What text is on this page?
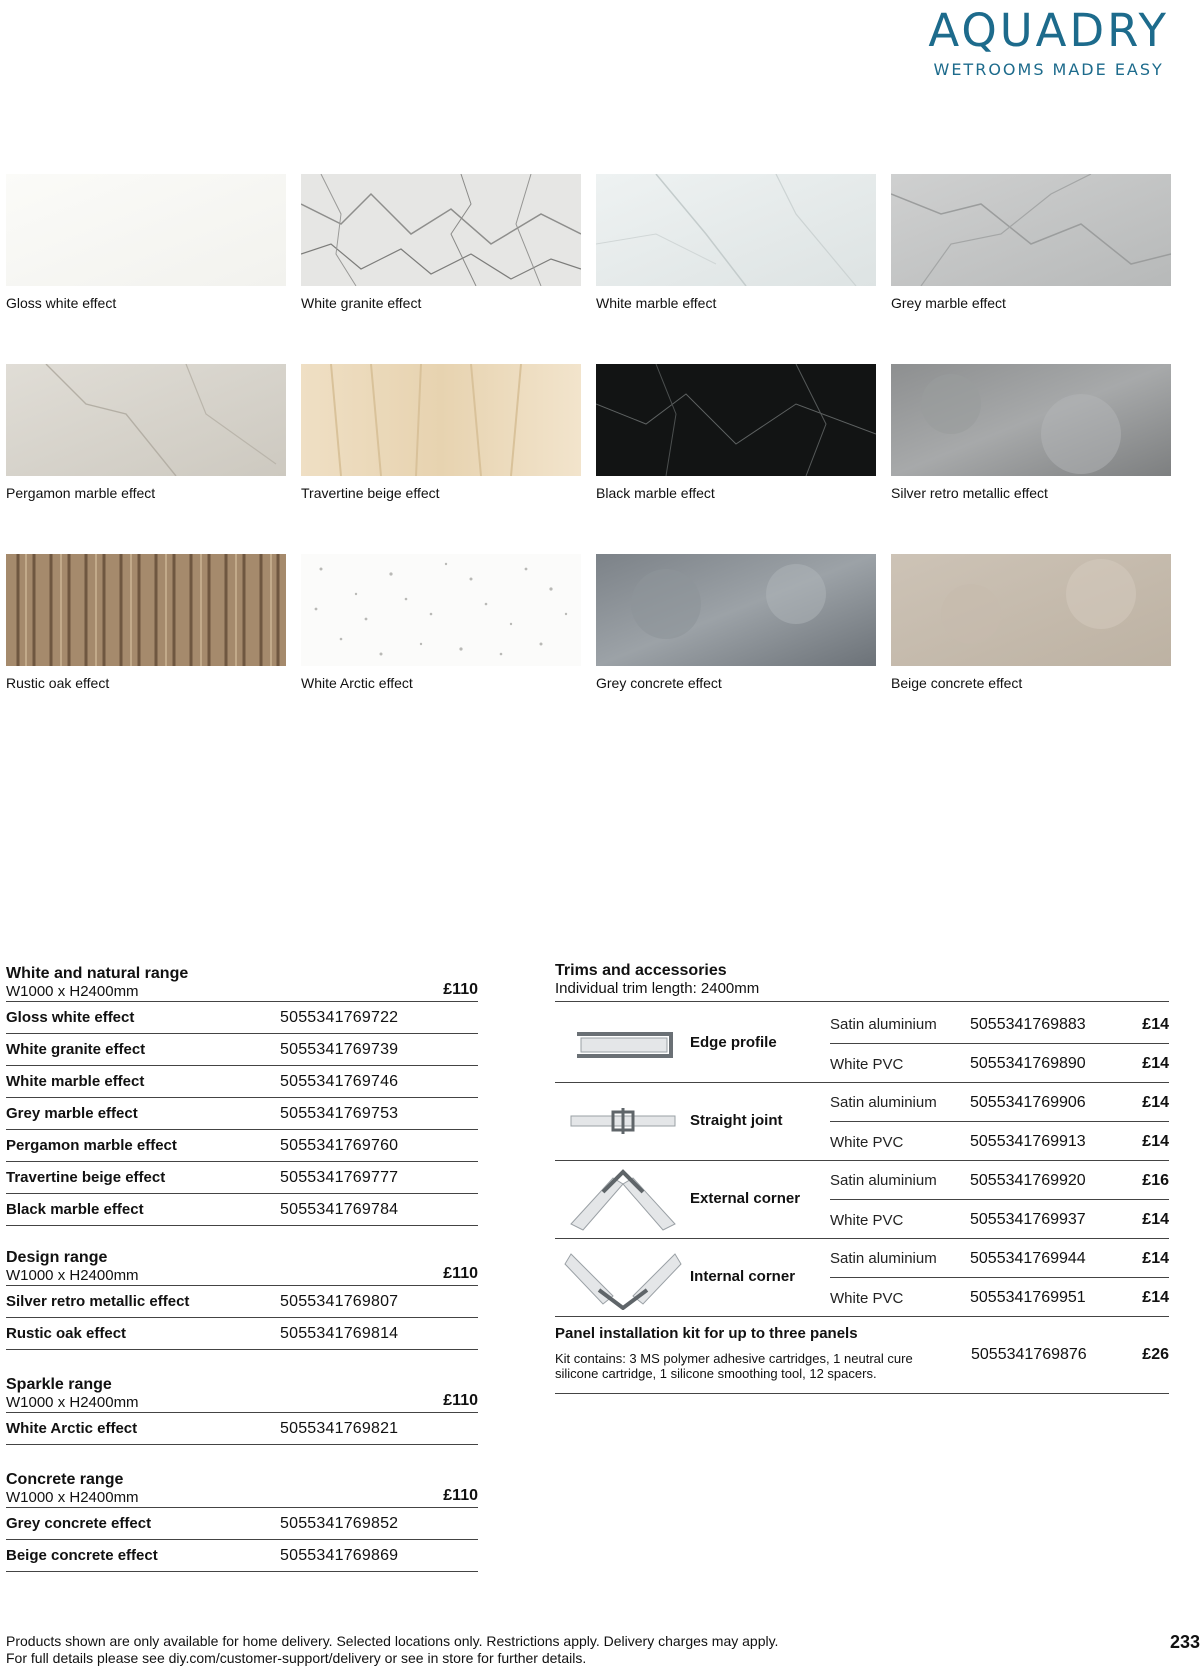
AQUADRY
WETROOMS MADE EASY
Gloss white effect	White granite effect	White marble effect	Grey marble effect
Pergamon marble effect	Travertine beige effect	Black marble effect	Silver retro metallic effect
Rustic oak effect	White Arctic effect	Grey concrete effect	Beige concrete effect
White and natural range
W1000 x H2400mm	£110
Gloss white effect	5055341769722
White granite effect	5055341769739
White marble effect	5055341769746
Grey marble effect	5055341769753
Pergamon marble effect	5055341769760
Travertine beige effect	5055341769777
Black marble effect	5055341769784
Design range
W1000 x H2400mm	£110
Silver retro metallic effect	5055341769807
Rustic oak effect	5055341769814
Sparkle range
W1000 x H2400mm	£110
White Arctic effect	5055341769821
Concrete range
W1000 x H2400mm	£110
Grey concrete effect	5055341769852
Beige concrete effect	5055341769869
Trims and accessories
Individual trim length: 2400mm
Edge profile
Satin aluminium	5055341769883	£14
White PVC	5055341769890	£14
Straight joint
Satin aluminium	5055341769906	£14
White PVC	5055341769913	£14
External corner
Satin aluminium	5055341769920	£16
White PVC	5055341769937	£14
Internal corner
Satin aluminium	5055341769944	£14
White PVC	5055341769951	£14
Panel installation kit for up to three panels
Kit contains: 3 MS polymer adhesive cartridges, 1 neutral cure
silicone cartridge, 1 silicone smoothing tool, 12 spacers.
5055341769876	£26
Products shown are only available for home delivery. Selected locations only. Restrictions apply. Delivery charges may apply.
For full details please see diy.com/customer-support/delivery or see in store for further details.
233
